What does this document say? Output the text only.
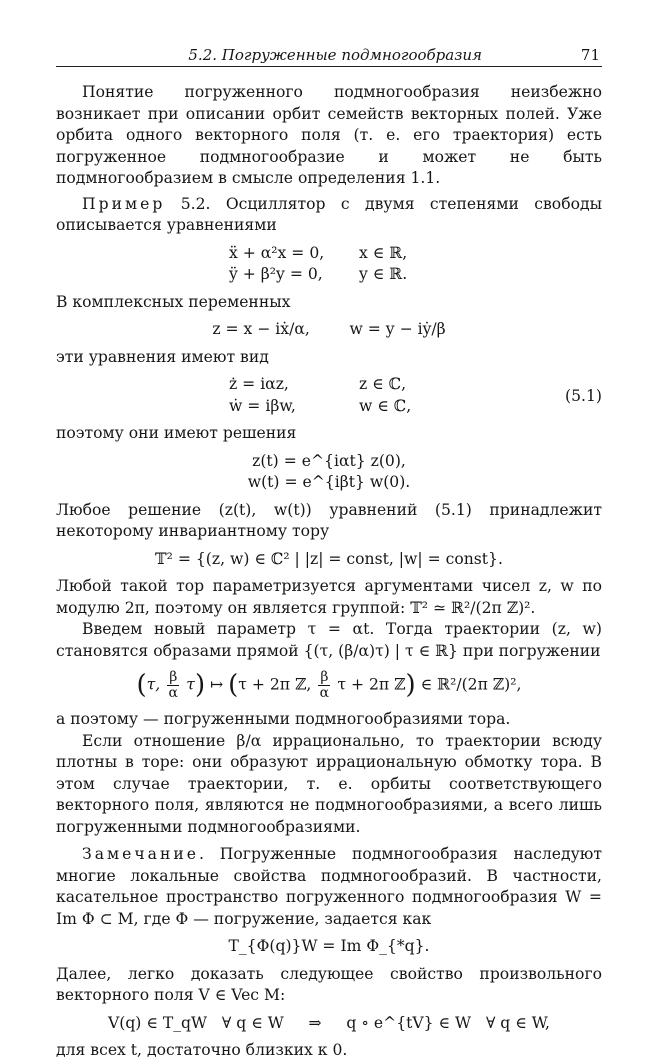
5.2. Погруженные подмногообразия	71

Понятие погруженного подмногообразия неизбежно возникает при описании орбит семейств векторных полей. Уже орбита одного векторного поля (т. е. его траектория) есть погруженное подмногообразие и может не быть подмногообразием в смысле определения 1.1.

Пример 5.2. Осциллятор с двумя степенями свободы описывается уравнениями

ẍ + α²x = 0,	x ∈ ℝ,
ÿ + β²y = 0,	y ∈ ℝ.

В комплексных переменных

z = x − iẋ/α,        w = y − iẏ/β

эти уравнения имеют вид

ż = iαz,	z ∈ ℂ,
ẇ = iβw,	w ∈ ℂ,
(5.1)

поэтому они имеют решения

z(t) = e^{iαt} z(0),
w(t) = e^{iβt} w(0).

Любое решение (z(t), w(t)) уравнений (5.1) принадлежит некоторому инвариантному тору

𝕋² = {(z, w) ∈ ℂ² | |z| = const, |w| = const}.

Любой такой тор параметризуется аргументами чисел z, w по модулю 2π, поэтому он является группой: 𝕋² ≃ ℝ²/(2π ℤ)².

Введем новый параметр τ = αt. Тогда траектории (z, w) становятся образами прямой {(τ, (β/α)τ) | τ ∈ ℝ} при погружении

(τ, $\frac{\beta}{\alpha} \tau$) ↦ (τ + 2π ℤ, $\frac{\beta}{\alpha}$ τ + 2π ℤ) ∈ ℝ²/(2π ℤ)²,

а поэтому — погруженными подмногообразиями тора.

Если отношение β/α иррационально, то траектории всюду плотны в торе: они образуют иррациональную обмотку тора. В этом случае траектории, т. е. орбиты соответствующего векторного поля, являются не подмногообразиями, а всего лишь погруженными подмногообразиями.

Замечание. Погруженные подмногообразия наследуют многие локальные свойства подмногообразий. В частности, касательное пространство погруженного подмногообразия W = Im Φ ⊂ M, где Φ — погружение, задается как

T_{Φ(q)}W = Im Φ_{*q}.

Далее, легко доказать следующее свойство произвольного векторного поля V ∈ Vec M:

V(q) ∈ T_qW   ∀ q ∈ W     ⇒     q ∘ e^{tV} ∈ W   ∀ q ∈ W,

для всех t, достаточно близких к 0.
